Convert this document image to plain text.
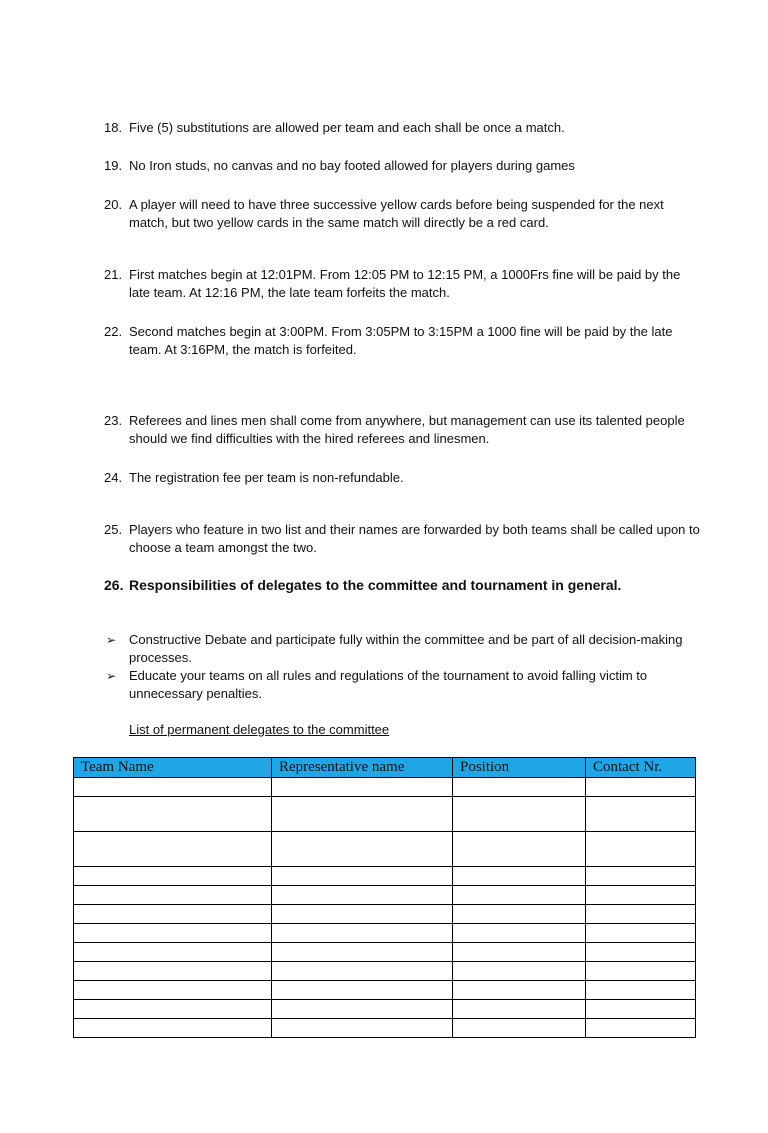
18. Five (5) substitutions are allowed per team and each shall be once a match.
19. No Iron studs, no canvas and no bay footed allowed for players during games
20. A player will need to have three successive yellow cards before being suspended for the next match, but two yellow cards in the same match will directly be a red card.
21. First matches begin at 12:01PM. From 12:05 PM to 12:15 PM, a 1000Frs fine will be paid by the late team. At 12:16 PM, the late team forfeits the match.
22. Second matches begin at 3:00PM. From 3:05PM to 3:15PM a 1000 fine will be paid by the late team. At 3:16PM, the match is forfeited.
23. Referees and lines men shall come from anywhere, but management can use its talented people should we find difficulties with the hired referees and linesmen.
24. The registration fee per team is non-refundable.
25. Players who feature in two list and their names are forwarded by both teams shall be called upon to choose a team amongst the two.
26. Responsibilities of delegates to the committee and tournament in general.
➢ Constructive Debate and participate fully within the committee and be part of all decision-making processes.
➢ Educate your teams on all rules and regulations of the tournament to avoid falling victim to unnecessary penalties.
List of permanent delegates to the committee
Team Name	Representative name	Position	Contact Nr.
